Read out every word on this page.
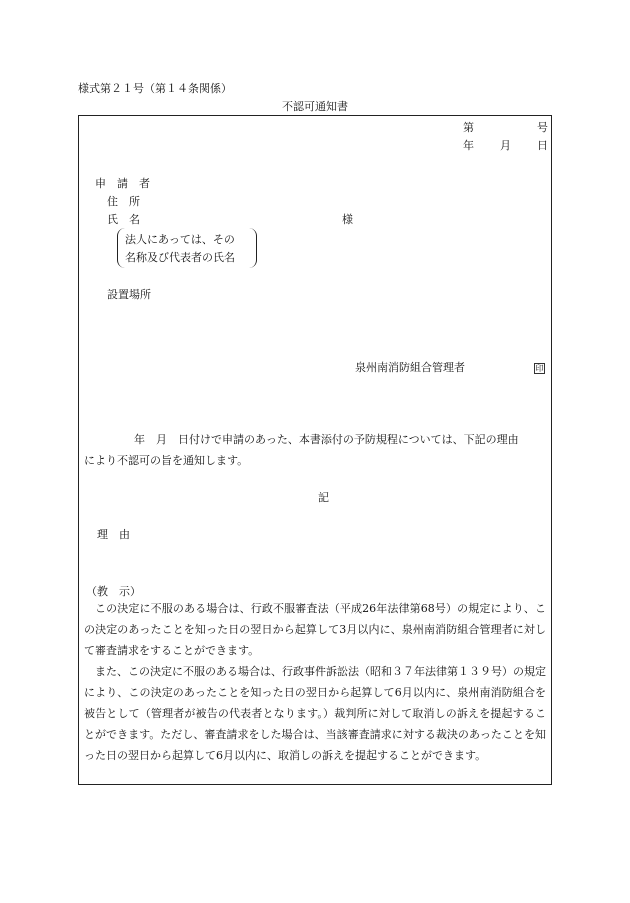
様式第２１号（第１４条関係）
不認可通知書
第	号
年 月 日
申　請　者
住　所
氏　名	様
法人にあっては、その
名称及び代表者の氏名
設置場所
泉州南消防組合管理者	印
年　月　日付けで申請のあった、本書添付の予防規程については、下記の理由
により不認可の旨を通知します。
記
理　由
（教　示）
この決定に不服のある場合は、行政不服審査法（平成26年法律第68号）の規定により、この決定のあったことを知った日の翌日から起算して3月以内に、泉州南消防組合管理者に対して審査請求をすることができます。
また、この決定に不服のある場合は、行政事件訴訟法（昭和３７年法律第１３９号）の規定により、この決定のあったことを知った日の翌日から起算して6月以内に、泉州南消防組合を被告として（管理者が被告の代表者となります。）裁判所に対して取消しの訴えを提起することができます。ただし、審査請求をした場合は、当該審査請求に対する裁決のあったことを知った日の翌日から起算して6月以内に、取消しの訴えを提起することができます。
